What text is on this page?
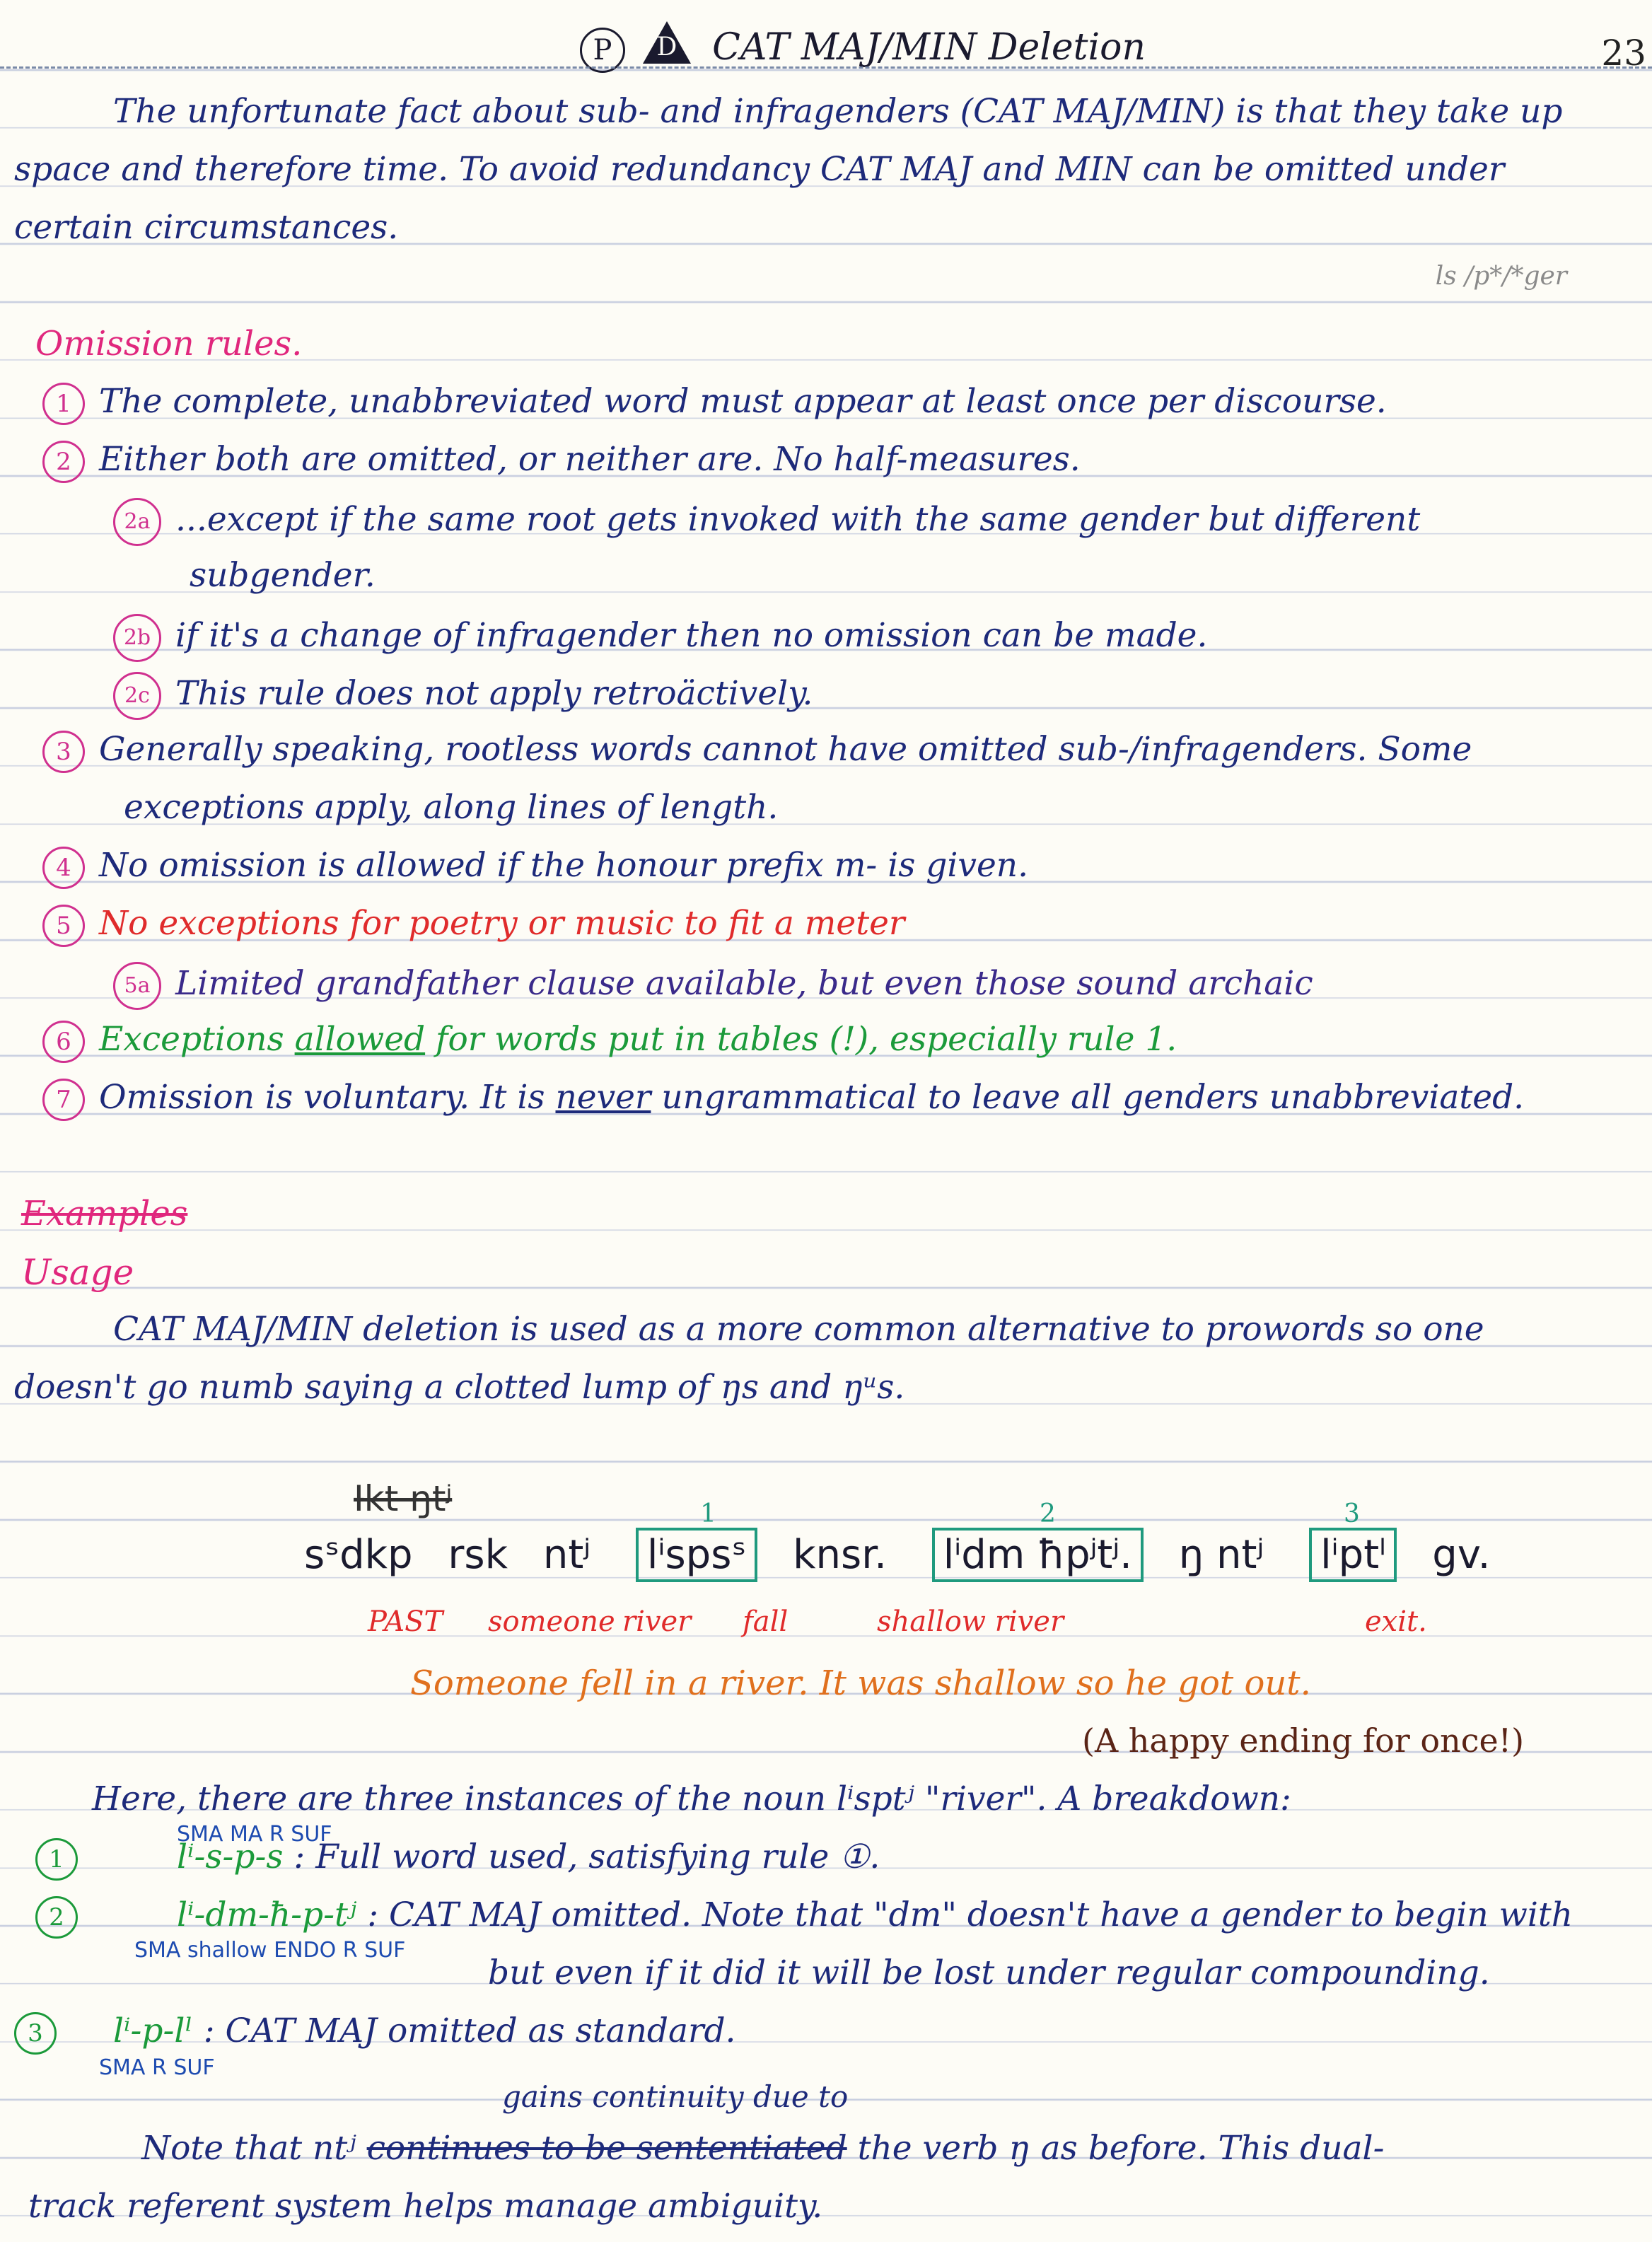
23
P D CAT MAJ/MIN Deletion
The unfortunate fact about sub- and infragenders (CAT MAJ/MIN) is that they take up
space and therefore time. To avoid redundancy CAT MAJ and MIN can be omitted under
certain circumstances.
ls /p*/*ger
Omission rules.
1 The complete, unabbreviated word must appear at least once per discourse.
2 Either both are omitted, or neither are. No half-measures.
2a ...except if the same root gets invoked with the same gender but different
subgender.
2b if it's a change of infragender then no omission can be made.
2c This rule does not apply retroäctively.
3 Generally speaking, rootless words cannot have omitted sub-/infragenders. Some
exceptions apply, along lines of length.
4 No omission is allowed if the honour prefix m- is given.
5 No exceptions for poetry or music to fit a meter
5a Limited grandfather clause available, but even those sound archaic
6 Exceptions allowed for words put in tables (!), especially rule 1.
7 Omission is voluntary. It is never ungrammatical to leave all genders unabbreviated.
Examples
Usage
CAT MAJ/MIN deletion is used as a more common alternative to prowords so one
doesn't go numb saying a clotted lump of ŋs and ŋᵘs.
Ɨkt ŋtʲ	1	2	3
sˢdkp rsk ntʲ lⁱspsˢ knsr. lⁱdm ħpʲtʲ. ŋ ntʲ lⁱptˡ gv.
PAST someone river fall	shallow river	exit.
Someone fell in a river. It was shallow so he got out.
(A happy ending for once!)
Here, there are three instances of the noun lⁱsptʲ "river". A breakdown:
1	lⁱ-s-p-s : Full word used, satisfying rule ①.
SMA MA R SUF
2	lⁱ-dm-ħ-p-tʲ : CAT MAJ omitted. Note that "dm" doesn't have a gender to begin with
SMA shallow ENDO R SUF
but even if it did it will be lost under regular compounding.
3 lⁱ-p-lˡ : CAT MAJ omitted as standard.
SMA R SUF
gains continuity due to
Note that ntʲ continues to be sententiated the verb ŋ as before. This dual-
track referent system helps manage ambiguity.
